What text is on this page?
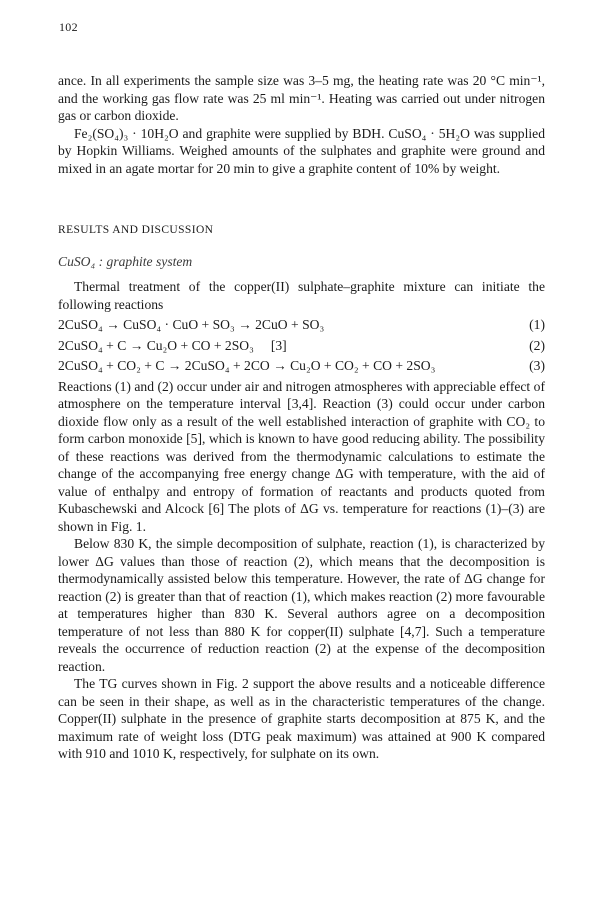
102

ance. In all experiments the sample size was 3–5 mg, the heating rate was 20 °C min⁻¹, and the working gas flow rate was 25 ml min⁻¹. Heating was carried out under nitrogen gas or carbon dioxide.

Fe₂(SO₄)₃ · 10H₂O and graphite were supplied by BDH. CuSO₄ · 5H₂O was supplied by Hopkin Williams. Weighed amounts of the sulphates and graphite were ground and mixed in an agate mortar for 20 min to give a graphite content of 10% by weight.

RESULTS AND DISCUSSION

CuSO₄ : graphite system

Thermal treatment of the copper(II) sulphate–graphite mixture can initiate the following reactions

2CuSO₄ → CuSO₄ · CuO + SO₃ → 2CuO + SO₃	(1)
2CuSO₄ + C → Cu₂O + CO + 2SO₃     [3]	(2)
2CuSO₄ + CO₂ + C → 2CuSO₄ + 2CO → Cu₂O + CO₂ + CO + 2SO₃	(3)

Reactions (1) and (2) occur under air and nitrogen atmospheres with appreciable effect of atmosphere on the temperature interval [3,4]. Reaction (3) could occur under carbon dioxide flow only as a result of the well established interaction of graphite with CO₂ to form carbon monoxide [5], which is known to have good reducing ability. The possibility of these reactions was derived from the thermodynamic calculations to estimate the change of the accompanying free energy change ΔG with temperature, with the aid of value of enthalpy and entropy of formation of reactants and products quoted from Kubaschewski and Alcock [6] The plots of ΔG vs. temperature for reactions (1)–(3) are shown in Fig. 1.

Below 830 K, the simple decomposition of sulphate, reaction (1), is characterized by lower ΔG values than those of reaction (2), which means that the decomposition is thermodynamically assisted below this temperature. However, the rate of ΔG change for reaction (2) is greater than that of reaction (1), which makes reaction (2) more favourable at temperatures higher than 830 K. Several authors agree on a decomposition temperature of not less than 880 K for copper(II) sulphate [4,7]. Such a temperature reveals the occurrence of reduction reaction (2) at the expense of the decomposition reaction.

The TG curves shown in Fig. 2 support the above results and a noticeable difference can be seen in their shape, as well as in the characteristic temperatures of the change. Copper(II) sulphate in the presence of graphite starts decomposition at 875 K, and the maximum rate of weight loss (DTG peak maximum) was attained at 900 K compared with 910 and 1010 K, respectively, for sulphate on its own.
